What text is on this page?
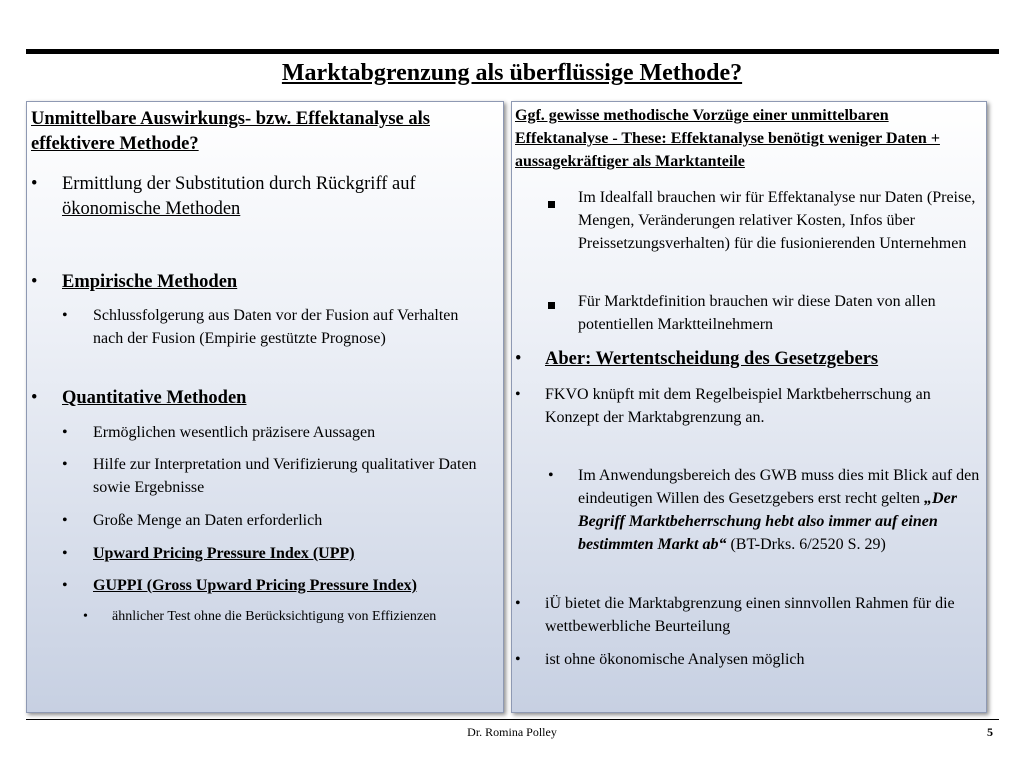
Marktabgrenzung als überflüssige Methode?
Unmittelbare Auswirkungs- bzw. Effektanalyse als effektivere Methode?
• Ermittlung der Substitution durch Rückgriff auf ökonomische Methoden
• Empirische Methoden
• Schlussfolgerung aus Daten vor der Fusion auf Verhalten nach der Fusion (Empirie gestützte Prognose)
• Quantitative Methoden
• Ermöglichen wesentlich präzisere Aussagen
• Hilfe zur Interpretation und Verifizierung qualitativer Daten sowie Ergebnisse
• Große Menge an Daten erforderlich
• Upward Pricing Pressure Index (UPP)
• GUPPI (Gross Upward Pricing Pressure Index)
• ähnlicher Test ohne die Berücksichtigung von Effizienzen
Ggf. gewisse methodische Vorzüge einer unmittelbaren Effektanalyse - These: Effektanalyse benötigt weniger Daten + aussagekräftiger als Marktanteile
Im Idealfall brauchen wir für Effektanalyse nur Daten (Preise, Mengen, Veränderungen relativer Kosten, Infos über Preissetzungsverhalten) für die fusionierenden Unternehmen
Für Marktdefinition brauchen wir diese Daten von allen potentiellen Marktteilnehmern
• Aber: Wertentscheidung des Gesetzgebers
• FKVO knüpft mit dem Regelbeispiel Marktbeherrschung an Konzept der Marktabgrenzung an.
• Im Anwendungsbereich des GWB muss dies mit Blick auf den eindeutigen Willen des Gesetzgebers erst recht gelten „Der Begriff Marktbeherrschung hebt also immer auf einen bestimmten Markt ab“ (BT-Drks. 6/2520 S. 29)
• iÜ bietet die Marktabgrenzung einen sinnvollen Rahmen für die wettbewerbliche Beurteilung
• ist ohne ökonomische Analysen möglich
Dr. Romina Polley	5
